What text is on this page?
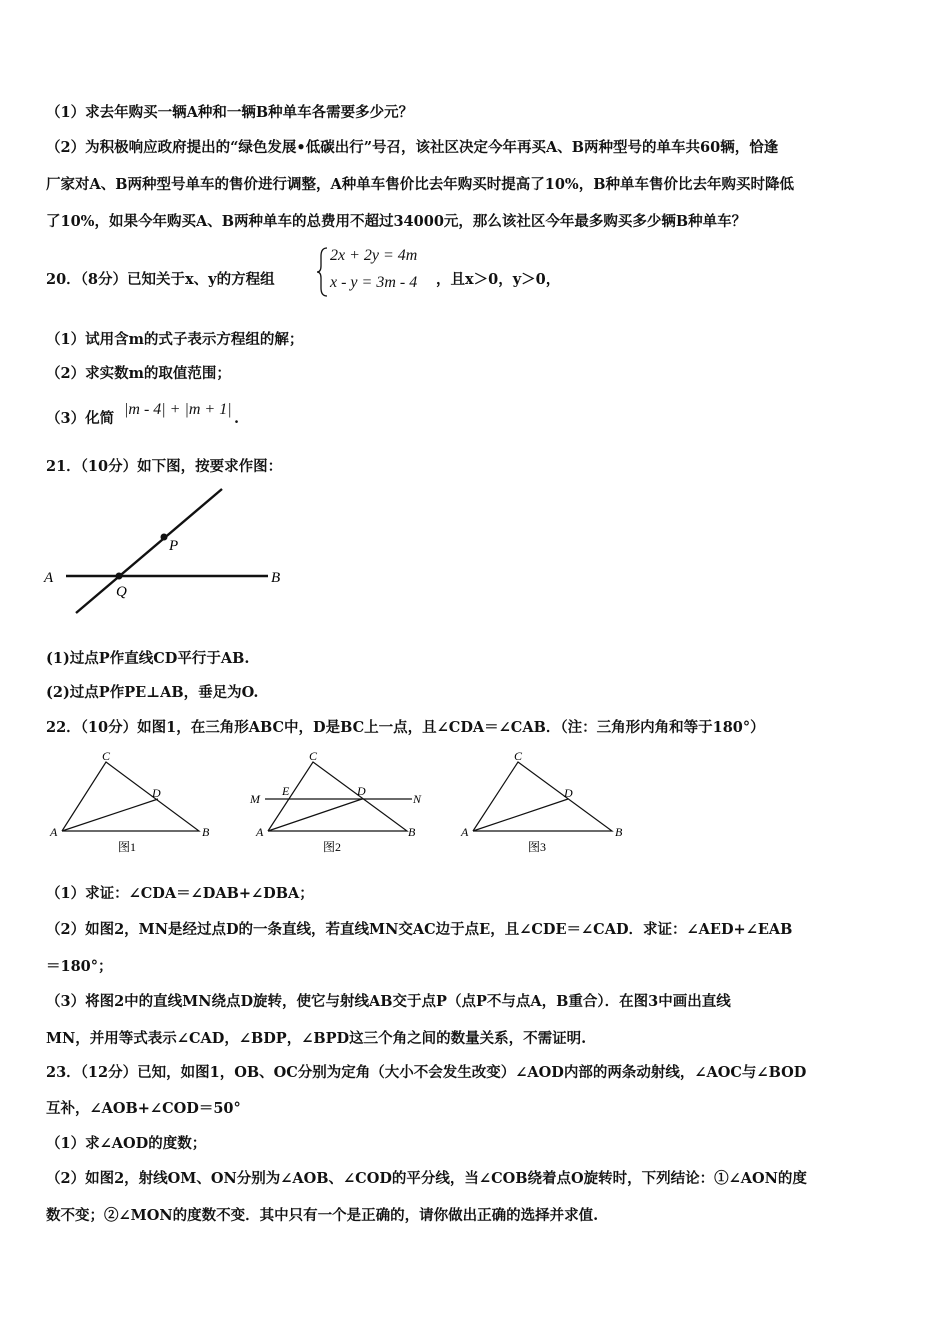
（1）求去年购买一辆A种和一辆B种单车各需要多少元？
（2）为积极响应政府提出的“绿色发展•低碳出行”号召，该社区决定今年再买A、B两种型号的单车共60辆，恰逢
厂家对A、B两种型号单车的售价进行调整，A种单车售价比去年购买时提高了10%，B种单车售价比去年购买时降低
了10%，如果今年购买A、B两种单车的总费用不超过34000元，那么该社区今年最多购买多少辆B种单车？
20．（8分）已知关于x、y的方程组
2x + 2y = 4m
x - y = 3m - 4 ，且x＞0，y＞0，
（1）试用含m的式子表示方程组的解；
（2）求实数m的取值范围；
（3）化简
|m - 4| + |m + 1|
.
21．（10分）如下图，按要求作图：
A	B
P
Q
(1)过点P作直线CD平行于AB.
(2)过点P作PE⊥AB，垂足为O.
22．（10分）如图1，在三角形ABC中，D是BC上一点，且∠CDA＝∠CAB．（注：三角形内角和等于180°）
C
D
A	B
图1
C
E	D
M	N
A	B
图2
C
D
A	B
图3
（1）求证：∠CDA＝∠DAB+∠DBA；
（2）如图2，MN是经过点D的一条直线，若直线MN交AC边于点E，且∠CDE＝∠CAD．求证：∠AED+∠EAB
＝180°；
（3）将图2中的直线MN绕点D旋转，使它与射线AB交于点P（点P不与点A，B重合）．在图3中画出直线
MN，并用等式表示∠CAD，∠BDP，∠BPD这三个角之间的数量关系，不需证明.
23．（12分）已知，如图1，OB、OC分别为定角（大小不会发生改变）∠AOD内部的两条动射线，∠AOC与∠BOD
互补，∠AOB+∠COD＝50°
（1）求∠AOD的度数；
（2）如图2，射线OM、ON分别为∠AOB、∠COD的平分线，当∠COB绕着点O旋转时，下列结论：①∠AON的度
数不变；②∠MON的度数不变．其中只有一个是正确的，请你做出正确的选择并求值.
